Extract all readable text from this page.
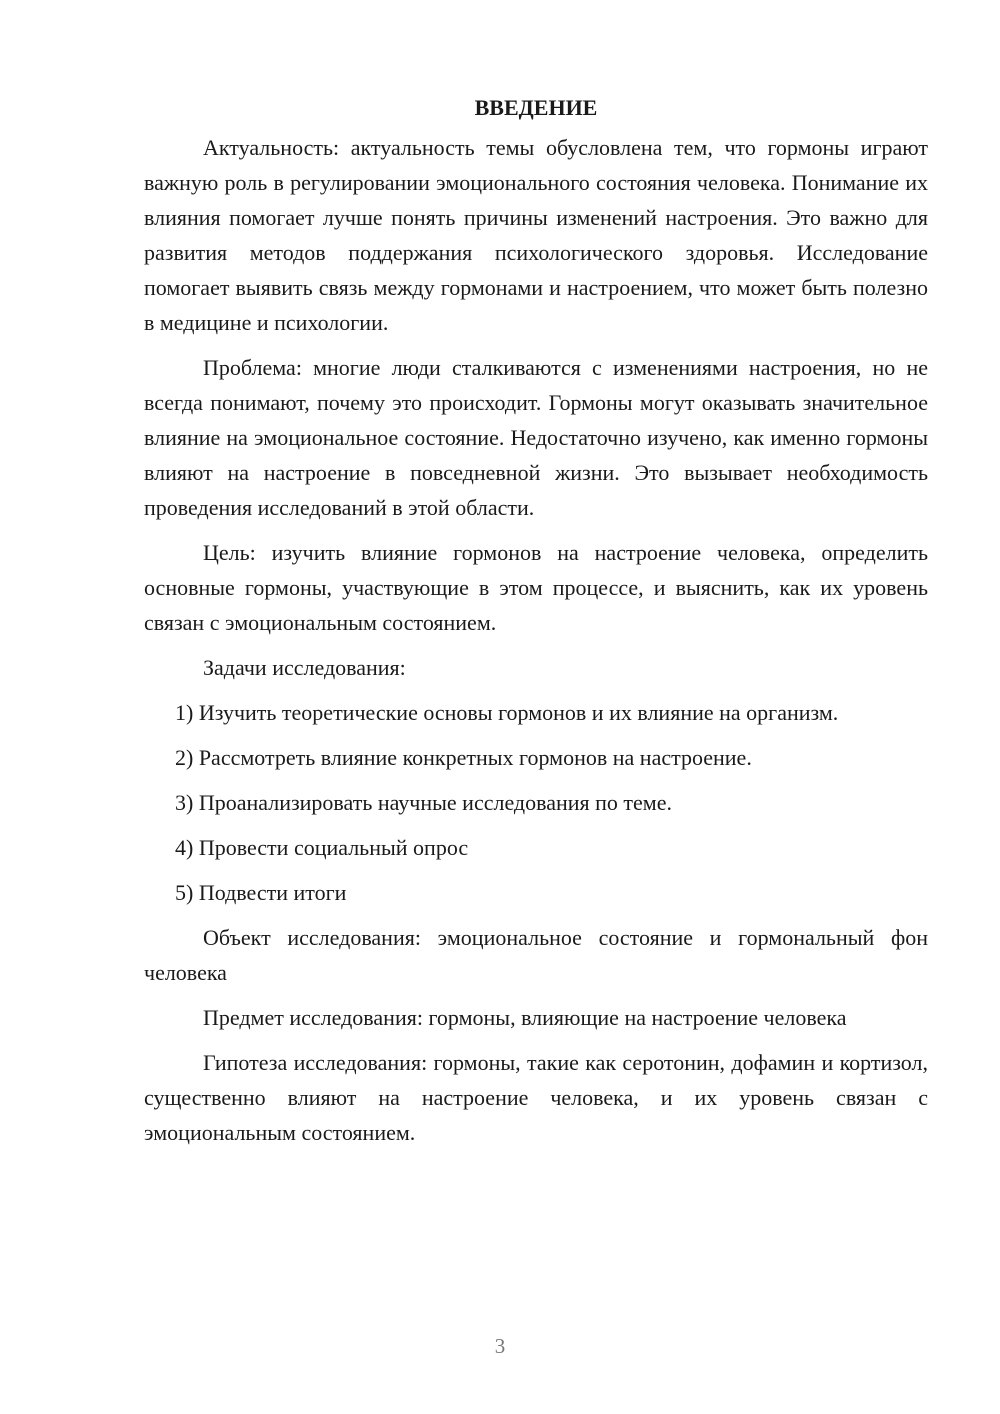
ВВЕДЕНИЕ

Актуальность: актуальность темы обусловлена тем, что гормоны играют важную роль в регулировании эмоционального состояния человека. Понимание их влияния помогает лучше понять причины изменений настроения. Это важно для развития методов поддержания психологического здоровья. Исследование помогает выявить связь между гормонами и настроением, что может быть полезно в медицине и психологии.

Проблема: многие люди сталкиваются с изменениями настроения, но не всегда понимают, почему это происходит. Гормоны могут оказывать значительное влияние на эмоциональное состояние. Недостаточно изучено, как именно гормоны влияют на настроение в повседневной жизни. Это вызывает необходимость проведения исследований в этой области.

Цель: изучить влияние гормонов на настроение человека, определить основные гормоны, участвующие в этом процессе, и выяснить, как их уровень связан с эмоциональным состоянием.

Задачи исследования:

1) Изучить теоретические основы гормонов и их влияние на организм.
2) Рассмотреть влияние конкретных гормонов на настроение.
3) Проанализировать научные исследования по теме.
4) Провести социальный опрос
5) Подвести итоги

Объект исследования: эмоциональное состояние и гормональный фон человека

Предмет исследования: гормоны, влияющие на настроение человека

Гипотеза исследования: гормоны, такие как серотонин, дофамин и кортизол, существенно влияют на настроение человека, и их уровень связан с эмоциональным состоянием.

3
